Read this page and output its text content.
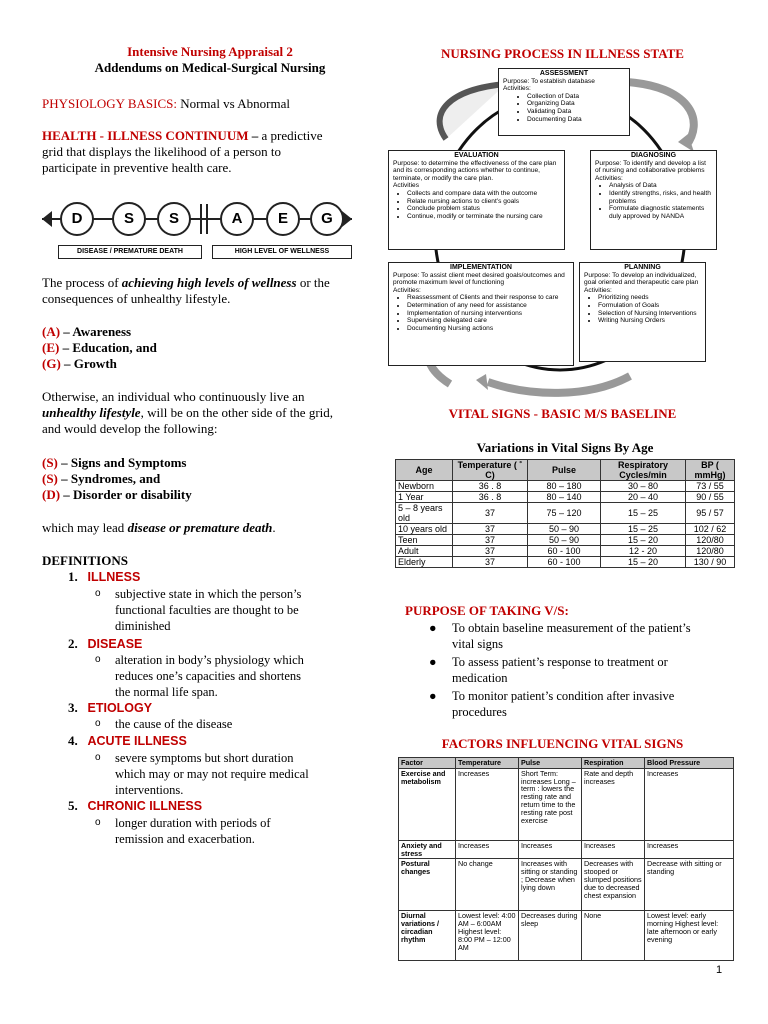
Intensive Nursing Appraisal 2
Addendums on Medical-Surgical Nursing
PHYSIOLOGY BASICS: Normal vs Abnormal
HEALTH - ILLNESS CONTINUUM – a predictive
grid that displays the likelihood of a person to
participate in preventive health care.
D	S	S	A	E	G
DISEASE / PREMATURE DEATH	HIGH LEVEL OF WELLNESS
The process of achieving high levels of wellness or the
consequences of unhealthy lifestyle.
(A) – Awareness
(E) – Education, and
(G) – Growth
Otherwise, an individual who continuously live an
unhealthy lifestyle, will be on the other side of the grid,
and would develop the following:
(S) – Signs and Symptoms
(S) – Syndromes, and
(D) – Disorder or disability
which may lead disease or premature death.
DEFINITIONS
1. ILLNESS
o subjective state in which the person’s
functional faculties are thought to be
diminished
2. DISEASE
o alteration in body’s physiology which
reduces one’s capacities and shortens
the normal life span.
3. ETIOLOGY
o the cause of the disease
4. ACUTE ILLNESS
o severe symptoms but short duration
which may or may not require medical
interventions.
5. CHRONIC ILLNESS
o longer duration with periods of
remission and exacerbation.
NURSING PROCESS IN ILLNESS STATE
ASSESSMENT
Purpose: To establish database
Activities:
• Collection of Data
• Organizing Data
• Validating Data
• Documenting Data
EVALUATION
Purpose: to determine the effectiveness of the care plan and its corresponding actions whether to continue, terminate, or modify the care plan.
Activities
• Collects and compare data with the outcome
• Relate nursing actions to client’s goals
• Conclude problem status
• Continue, modify or terminate the nursing care
DIAGNOSING
Purpose: To identify and develop a list of nursing and collaborative problems
Activities:
• Analysis of Data
• Identify strengths, risks, and health problems
• Formulate diagnostic statements duly approved by NANDA
IMPLEMENTATION
Purpose: To assist client meet desired goals/outcomes and promote maximum level of functioning
Activities:
• Reassessment of Clients and their response to care
• Determination of any need for assistance
• Implementation of nursing interventions
• Supervising delegated care
• Documenting Nursing actions
PLANNING
Purpose: To develop an individualized, goal oriented and therapeutic care plan
Activities:
• Prioritizing needs
• Formulation of Goals
• Selection of Nursing Interventions
• Writing Nursing Orders
VITAL SIGNS - BASIC M/S BASELINE
Variations in Vital Signs By Age
Age	Temperature ( ˚ C)	Pulse	Respiratory Cycles/min	BP ( mmHg)
Newborn	36 . 8	80 – 180	30 – 80	73 / 55
1 Year	36 . 8	80 – 140	20 – 40	90 / 55
5 – 8 years old	37	75 – 120	15 – 25	95 / 57
10 years old	37	50 – 90	15 – 25	102 / 62
Teen	37	50 – 90	15 – 20	120/80
Adult	37	60 - 100	12 - 20	120/80
Elderly	37	60 - 100	15 – 20	130 / 90
PURPOSE OF TAKING V/S:
● To obtain baseline measurement of the patient’s
vital signs
● To assess patient’s response to treatment or
medication
● To monitor patient’s condition after invasive
procedures
FACTORS INFLUENCING VITAL SIGNS
Factor	Temperature	Pulse	Respiration	Blood Pressure
Exercise and metabolism	Increases	Short Term: increases Long – term : lowers the resting rate and return time to the resting rate post exercise	Rate and depth increases	Increases
Anxiety and stress	Increases	Increases	Increases	Increases
Postural changes	No change	Increases with sitting or standing ; Decrease when lying down	Decreases with stooped or slumped positions due to decreased chest expansion	Decrease with sitting or standing
Diurnal variations / circadian rhythm	Lowest level: 4:00 AM – 6:00AM Highest level: 8:00 PM – 12:00 AM	Decreases during sleep	None	Lowest level: early morning Highest level: late afternoon or early evening
1
